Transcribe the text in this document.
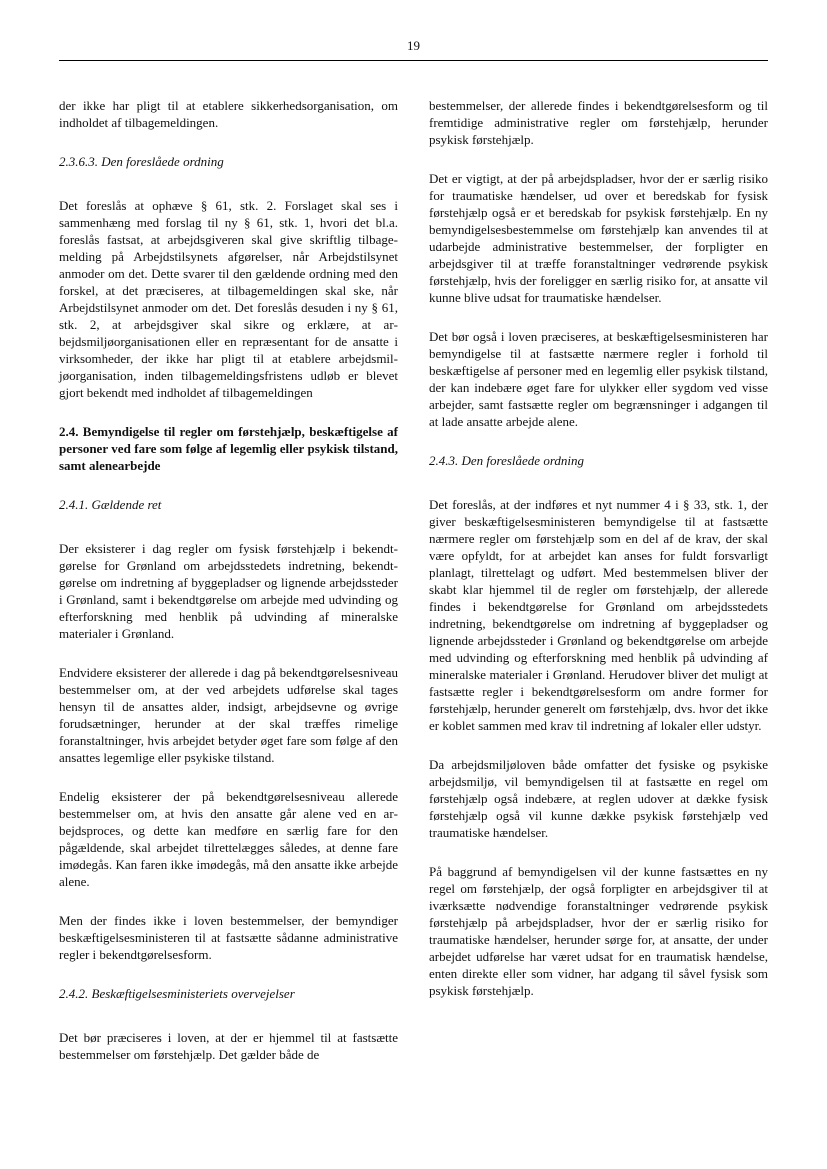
19

der ikke har pligt til at etablere sikkerhedsorganisation, om indholdet af tilbagemeldingen.

2.3.6.3. Den foreslåede ordning

Det foreslås at ophæve § 61, stk. 2. Forslaget skal ses i sammenhæng med forslag til ny § 61, stk. 1, hvori det bl.a. foreslås fastsat, at arbejdsgiveren skal give skriftlig tilbagemelding på Arbejdstilsynets afgørelser, når Arbejdstilsynet anmoder om det. Dette svarer til den gældende ordning med den forskel, at det præciseres, at tilbagemeldingen skal ske, når Arbejdstilsynet anmoder om det. Det foreslås desuden i ny § 61, stk. 2, at arbejdsgiver skal sikre og erklære, at arbejdsmiljøorganisationen eller en repræsentant for de ansatte i virksomheder, der ikke har pligt til at etablere arbejdsmiljøorganisation, inden tilbagemeldingsfristens udløb er blevet gjort bekendt med indholdet af tilbagemeldingen

2.4. Bemyndigelse til regler om førstehjælp, beskæftigelse af personer ved fare som følge af legemlig eller psykisk tilstand, samt alenearbejde
2.4.1. Gældende ret

Der eksisterer i dag regler om fysisk førstehjælp i bekendtgørelse for Grønland om arbejdsstedets indretning, bekendtgørelse om indretning af byggepladser og lignende arbejdssteder i Grønland, samt i bekendtgørelse om arbejde med udvinding og efterforskning med henblik på udvinding af mineralske materialer i Grønland.

Endvidere eksisterer der allerede i dag på bekendtgørelsesniveau bestemmelser om, at der ved arbejdets udførelse skal tages hensyn til de ansattes alder, indsigt, arbejdsevne og øvrige forudsætninger, herunder at der skal træffes rimelige foranstaltninger, hvis arbejdet betyder øget fare som følge af den ansattes legemlige eller psykiske tilstand.

Endelig eksisterer der på bekendtgørelsesniveau allerede bestemmelser om, at hvis den ansatte går alene ved en arbejdsproces, og dette kan medføre en særlig fare for den pågældende, skal arbejdet tilrettelægges således, at denne fare imødegås. Kan faren ikke imødegås, må den ansatte ikke arbejde alene.

Men der findes ikke i loven bestemmelser, der bemyndiger beskæftigelsesministeren til at fastsætte sådanne administrative regler i bekendtgørelsesform.

2.4.2. Beskæftigelsesministeriets overvejelser

Det bør præciseres i loven, at der er hjemmel til at fastsætte bestemmelser om førstehjælp. Det gælder både de

bestemmelser, der allerede findes i bekendtgørelsesform og til fremtidige administrative regler om førstehjælp, herunder psykisk førstehjælp.

Det er vigtigt, at der på arbejdspladser, hvor der er særlig risiko for traumatiske hændelser, ud over et beredskab for fysisk førstehjælp også er et beredskab for psykisk førstehjælp. En ny bemyndigelsesbestemmelse om førstehjælp kan anvendes til at udarbejde administrative bestemmelser, der forpligter en arbejdsgiver til at træffe foranstaltninger vedrørende psykisk førstehjælp, hvis der foreligger en særlig risiko for, at ansatte vil kunne blive udsat for traumatiske hændelser.

Det bør også i loven præciseres, at beskæftigelsesministeren har bemyndigelse til at fastsætte nærmere regler i forhold til beskæftigelse af personer med en legemlig eller psykisk tilstand, der kan indebære øget fare for ulykker eller sygdom ved visse arbejder, samt fastsætte regler om begrænsninger i adgangen til at lade ansatte arbejde alene.

2.4.3. Den foreslåede ordning

Det foreslås, at der indføres et nyt nummer 4 i § 33, stk. 1, der giver beskæftigelsesministeren bemyndigelse til at fastsætte nærmere regler om førstehjælp som en del af de krav, der skal være opfyldt, for at arbejdet kan anses for fuldt forsvarligt planlagt, tilrettelagt og udført. Med bestemmelsen bliver der skabt klar hjemmel til de regler om førstehjælp, der allerede findes i bekendtgørelse for Grønland om arbejdsstedets indretning, bekendtgørelse om indretning af byggepladser og lignende arbejdssteder i Grønland og bekendtgørelse om arbejde med udvinding og efterforskning med henblik på udvinding af mineralske materialer i Grønland. Herudover bliver det muligt at fastsætte regler i bekendtgørelsesform om andre former for førstehjælp, herunder generelt om førstehjælp, dvs. hvor det ikke er koblet sammen med krav til indretning af lokaler eller udstyr.

Da arbejdsmiljøloven både omfatter det fysiske og psykiske arbejdsmiljø, vil bemyndigelsen til at fastsætte en regel om førstehjælp også indebære, at reglen udover at dække fysisk førstehjælp også vil kunne dække psykisk førstehjælp ved traumatiske hændelser.

På baggrund af bemyndigelsen vil der kunne fastsættes en ny regel om førstehjælp, der også forpligter en arbejdsgiver til at iværksætte nødvendige foranstaltninger vedrørende psykisk førstehjælp på arbejdspladser, hvor der er særlig risiko for traumatiske hændelser, herunder sørge for, at ansatte, der under arbejdet udførelse har været udsat for en traumatisk hændelse, enten direkte eller som vidner, har adgang til såvel fysisk som psykisk førstehjælp.
